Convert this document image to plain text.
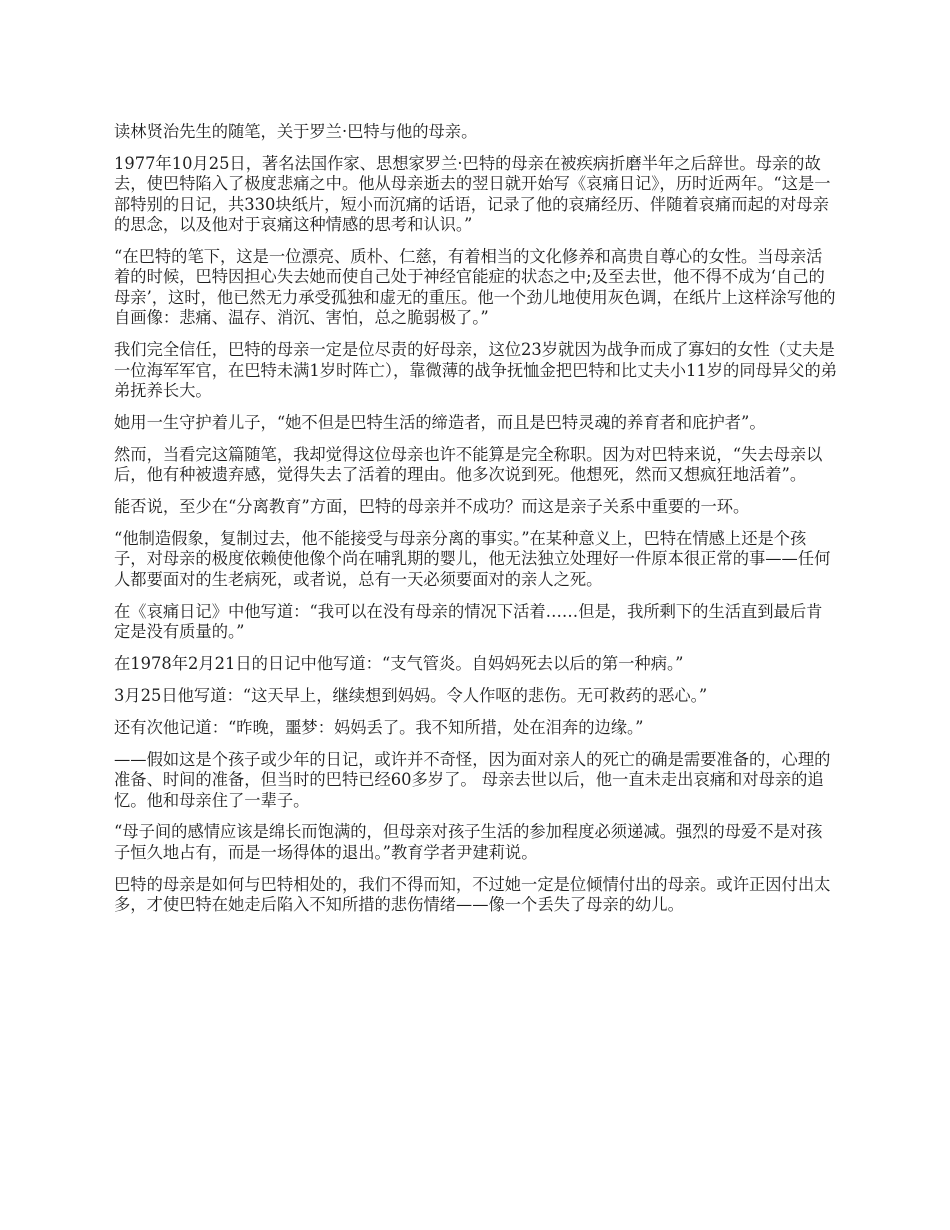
读林贤治先生的随笔，关于罗兰·巴特与他的母亲。

1977年10月25日，著名法国作家、思想家罗兰·巴特的母亲在被疾病折磨半年之后辞世。母亲的故去，使巴特陷入了极度悲痛之中。他从母亲逝去的翌日就开始写《哀痛日记》，历时近两年。“这是一部特别的日记，共330块纸片，短小而沉痛的话语，记录了他的哀痛经历、伴随着哀痛而起的对母亲的思念，以及他对于哀痛这种情感的思考和认识。”

“在巴特的笔下，这是一位漂亮、质朴、仁慈，有着相当的文化修养和高贵自尊心的女性。当母亲活着的时候，巴特因担心失去她而使自己处于神经官能症的状态之中;及至去世，他不得不成为‘自己的母亲’，这时，他已然无力承受孤独和虚无的重压。他一个劲儿地使用灰色调，在纸片上这样涂写他的自画像：悲痛、温存、消沉、害怕，总之脆弱极了。”

我们完全信任，巴特的母亲一定是位尽责的好母亲，这位23岁就因为战争而成了寡妇的女性（丈夫是一位海军军官，在巴特未满1岁时阵亡），靠微薄的战争抚恤金把巴特和比丈夫小11岁的同母异父的弟弟抚养长大。

她用一生守护着儿子，“她不但是巴特生活的缔造者，而且是巴特灵魂的养育者和庇护者”。

然而，当看完这篇随笔，我却觉得这位母亲也许不能算是完全称职。因为对巴特来说，“失去母亲以后，他有种被遗弃感，觉得失去了活着的理由。他多次说到死。他想死，然而又想疯狂地活着”。

能否说，至少在“分离教育”方面，巴特的母亲并不成功？而这是亲子关系中重要的一环。

“他制造假象，复制过去，他不能接受与母亲分离的事实。”在某种意义上，巴特在情感上还是个孩子，对母亲的极度依赖使他像个尚在哺乳期的婴儿，他无法独立处理好一件原本很正常的事——任何人都要面对的生老病死，或者说，总有一天必须要面对的亲人之死。

在《哀痛日记》中他写道：“我可以在没有母亲的情况下活着……但是，我所剩下的生活直到最后肯定是没有质量的。”

在1978年2月21日的日记中他写道：“支气管炎。自妈妈死去以后的第一种病。”

3月25日他写道：“这天早上，继续想到妈妈。令人作呕的悲伤。无可救药的恶心。”

还有次他记道：“昨晚，噩梦：妈妈丢了。我不知所措，处在泪奔的边缘。”

——假如这是个孩子或少年的日记，或许并不奇怪，因为面对亲人的死亡的确是需要准备的，心理的准备、时间的准备，但当时的巴特已经60多岁了。 母亲去世以后，他一直未走出哀痛和对母亲的追忆。他和母亲住了一辈子。

“母子间的感情应该是绵长而饱满的，但母亲对孩子生活的参加程度必须递减。强烈的母爱不是对孩子恒久地占有，而是一场得体的退出。”教育学者尹建莉说。

巴特的母亲是如何与巴特相处的，我们不得而知，不过她一定是位倾情付出的母亲。或许正因付出太多，才使巴特在她走后陷入不知所措的悲伤情绪——像一个丢失了母亲的幼儿。
